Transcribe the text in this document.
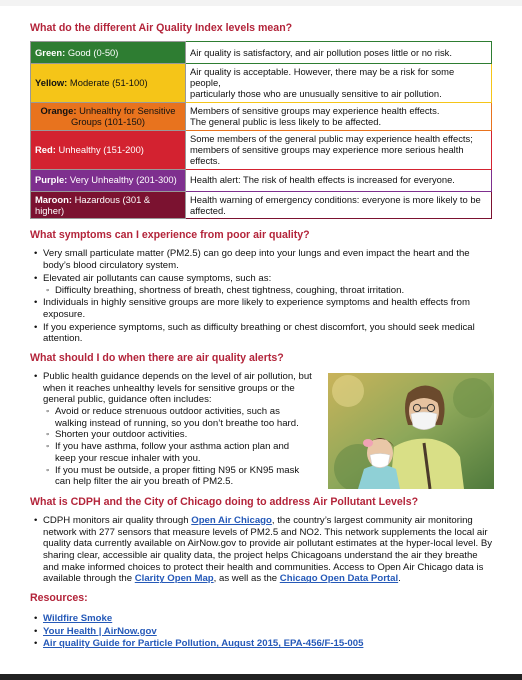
What do the different Air Quality Index levels mean?
Green: Good (0-50)	Air quality is satisfactory, and air pollution poses little or no risk.
Yellow: Moderate (51-100)	Air quality is acceptable. However, there may be a risk for some people,
particularly those who are unusually sensitive to air pollution.
Orange: Unhealthy for Sensitive Groups (101-150)	Members of sensitive groups may experience health effects.
The general public is less likely to be affected.
Red: Unhealthy (151-200)	Some members of the general public may experience health effects;
members of sensitive groups may experience more serious health effects.
Purple: Very Unhealthy (201-300)	Health alert: The risk of health effects is increased for everyone.
Maroon: Hazardous (301 & higher)	Health warning of emergency conditions: everyone is more likely to be
affected.
What symptoms can I experience from poor air quality?
• Very small particulate matter (PM2.5) can go deep into your lungs and even impact the heart and the body’s blood circulatory system.
• Elevated air pollutants can cause symptoms, such as:
◦ Difficulty breathing, shortness of breath, chest tightness, coughing, throat irritation.
• Individuals in highly sensitive groups are more likely to experience symptoms and health effects from exposure.
• If you experience symptoms, such as difficulty breathing or chest discomfort, you should seek medical attention.
What should I do when there are air quality alerts?
• Public health guidance depends on the level of air pollution, but when it reaches unhealthy levels for sensitive groups or the general public, guidance often includes:
◦ Avoid or reduce strenuous outdoor activities, such as walking instead of running, so you don’t breathe too hard.
◦ Shorten your outdoor activities.
◦ If you have asthma, follow your asthma action plan and keep your rescue inhaler with you.
◦ If you must be outside, a proper fitting N95 or KN95 mask can help filter the air you breath of PM2.5.
What is CDPH and the City of Chicago doing to address Air Pollutant Levels?
• CDPH monitors air quality through Open Air Chicago, the country’s largest community air monitoring network with 277 sensors that measure levels of PM2.5 and NO2. This network supplements the local air quality data currently available on AirNow.gov to provide air pollutant estimates at the hyper-local level. By sharing clear, accessible air quality data, the project helps Chicagoans understand the air they breathe and make informed choices to protect their health and communities. Access to Open Air Chicago data is available through the Clarity Open Map, as well as the Chicago Open Data Portal.
Resources:
• Wildfire Smoke
• Your Health | AirNow.gov
• Air quality Guide for Particle Pollution, August 2015, EPA-456/F-15-005
